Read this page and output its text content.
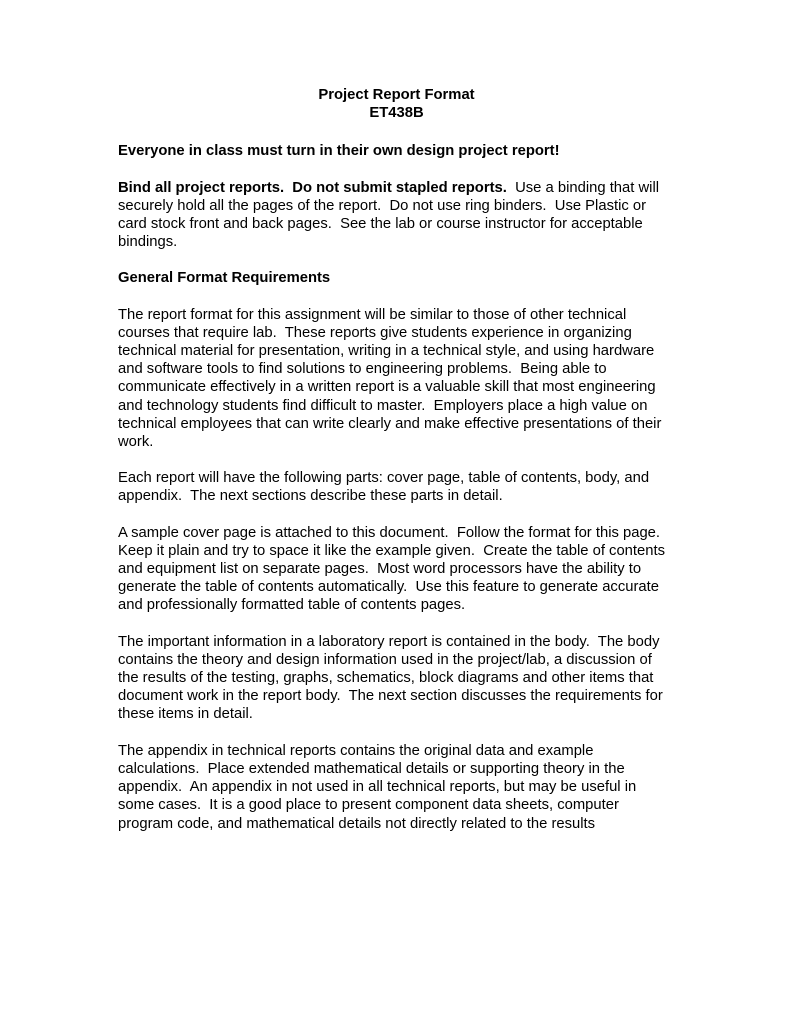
Project Report Format
ET438B

Everyone in class must turn in their own design project report!

Bind all project reports.  Do not submit stapled reports.  Use a binding that will securely hold all the pages of the report.  Do not use ring binders.  Use Plastic or card stock front and back pages.  See the lab or course instructor for acceptable bindings.

General Format Requirements

The report format for this assignment will be similar to those of other technical courses that require lab.  These reports give students experience in organizing technical material for presentation, writing in a technical style, and using hardware and software tools to find solutions to engineering problems.  Being able to communicate effectively in a written report is a valuable skill that most engineering and technology students find difficult to master.  Employers place a high value on technical employees that can write clearly and make effective presentations of their work.

Each report will have the following parts: cover page, table of contents, body, and appendix.  The next sections describe these parts in detail.

A sample cover page is attached to this document.  Follow the format for this page.  Keep it plain and try to space it like the example given.  Create the table of contents and equipment list on separate pages.  Most word processors have the ability to generate the table of contents automatically.  Use this feature to generate accurate and professionally formatted table of contents pages.

The important information in a laboratory report is contained in the body.  The body contains the theory and design information used in the project/lab, a discussion of the results of the testing, graphs, schematics, block diagrams and other items that document work in the report body.  The next section discusses the requirements for these items in detail.

The appendix in technical reports contains the original data and example calculations.  Place extended mathematical details or supporting theory in the appendix.  An appendix in not used in all technical reports, but may be useful in some cases.  It is a good place to present component data sheets, computer program code, and mathematical details not directly related to the results
